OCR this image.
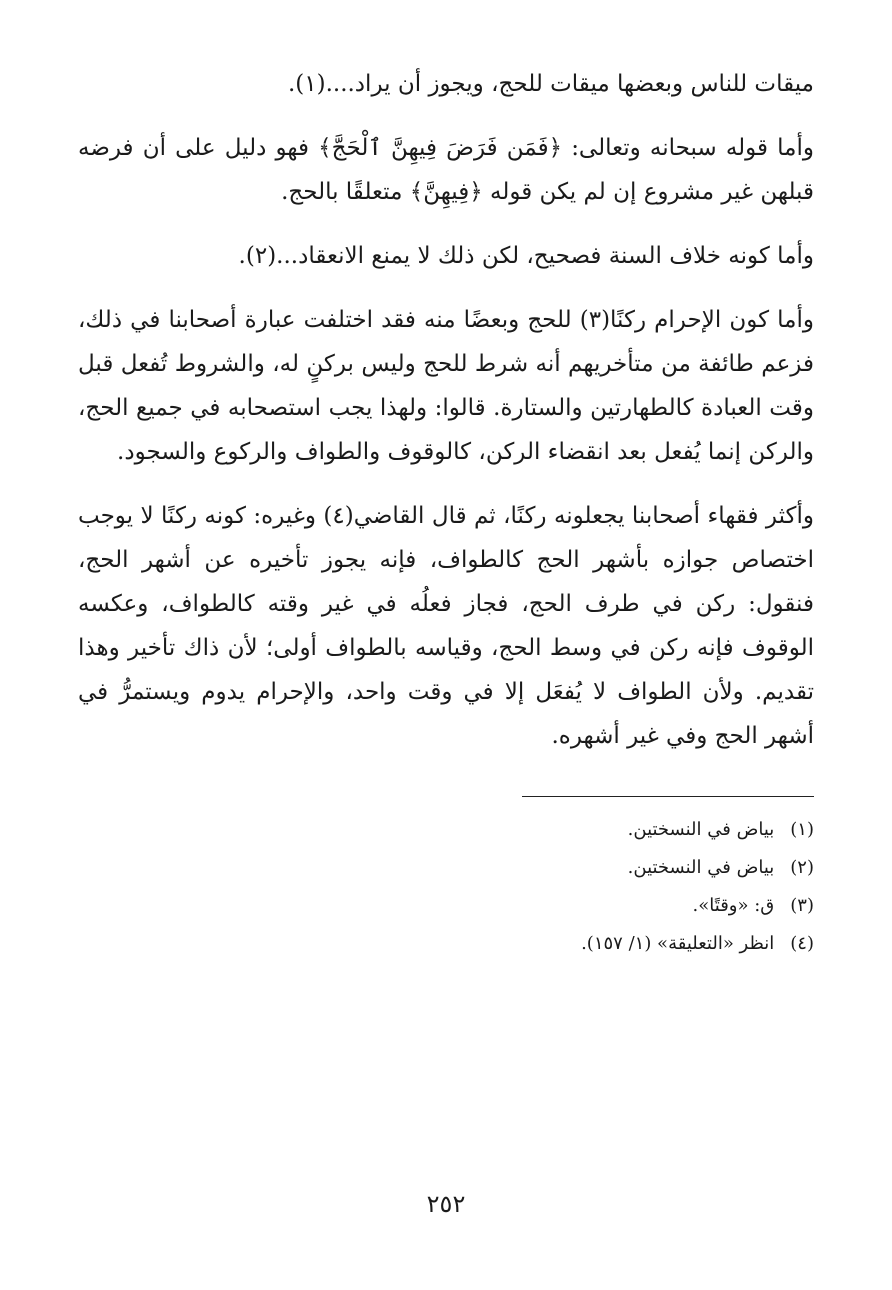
ميقات للناس وبعضها ميقات للحج، ويجوز أن يراد....(١).

وأما قوله سبحانه وتعالى: ﴿فَمَن فَرَضَ فِيهِنَّ ٱلْحَجَّ﴾ فهو دليل على أن فرضه قبلهن غير مشروع إن لم يكن قوله ﴿فِيهِنَّ﴾ متعلقًا بالحج.

وأما كونه خلاف السنة فصحيح، لكن ذلك لا يمنع الانعقاد...(٢).

وأما كون الإحرام ركنًا(٣) للحج وبعضًا منه فقد اختلفت عبارة أصحابنا في ذلك، فزعم طائفة من متأخريهم أنه شرط للحج وليس بركنٍ له، والشروط تُفعل قبل وقت العبادة كالطهارتين والستارة. قالوا: ولهذا يجب استصحابه في جميع الحج، والركن إنما يُفعل بعد انقضاء الركن، كالوقوف والطواف والركوع والسجود.

وأكثر فقهاء أصحابنا يجعلونه ركنًا، ثم قال القاضي(٤) وغيره: كونه ركنًا لا يوجب اختصاص جوازه بأشهر الحج كالطواف، فإنه يجوز تأخيره عن أشهر الحج، فنقول: ركن في طرف الحج، فجاز فعلُه في غير وقته كالطواف، وعكسه الوقوف فإنه ركن في وسط الحج، وقياسه بالطواف أولى؛ لأن ذاك تأخير وهذا تقديم. ولأن الطواف لا يُفعَل إلا في وقت واحد، والإحرام يدوم ويستمرُّ في أشهر الحج وفي غير أشهره.

(١) بياض في النسختين.
(٢) بياض في النسختين.
(٣) ق: «وقتًا».
(٤) انظر «التعليقة» (١/ ١٥٧).
٢٥٢
